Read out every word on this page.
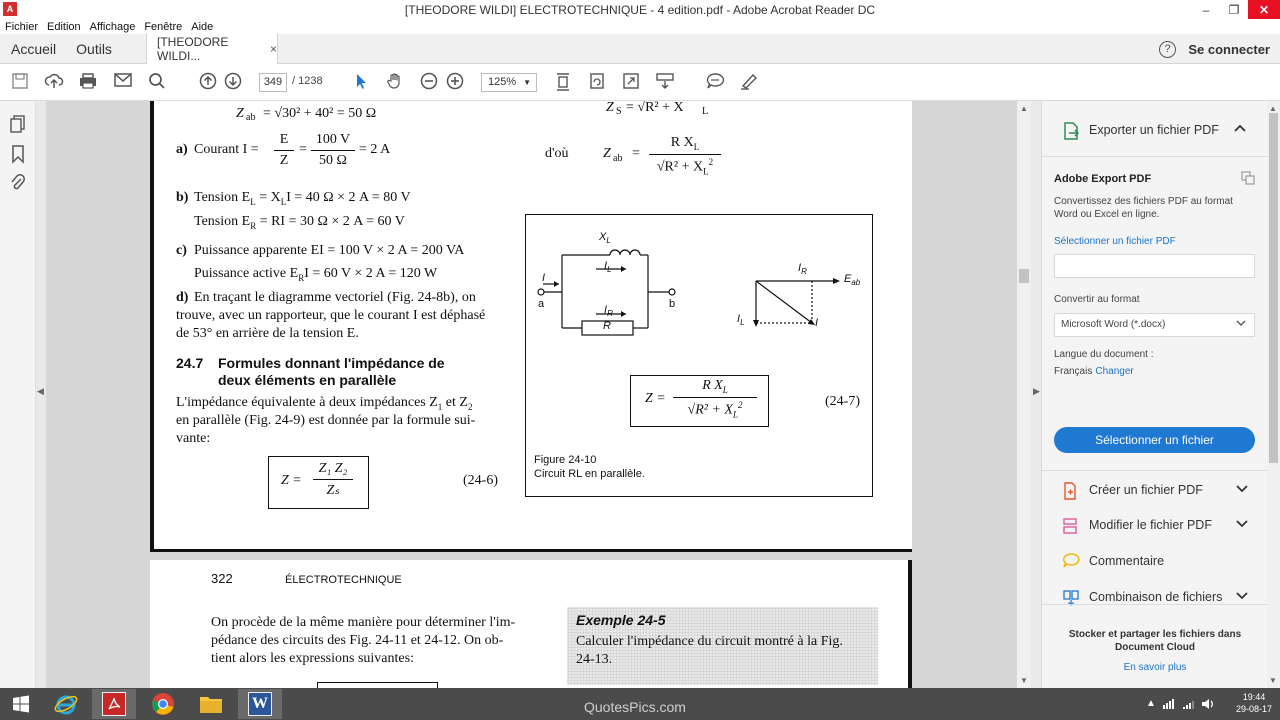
A	[THEODORE WILDI] ELECTROTECHNIQUE - 4 edition.pdf - Adobe Acrobat Reader DC	–	❐	✕
Fichier Edition Affichage Fenêtre Aide
Accueil Outils	[THEODORE WILDI...	×	?	Se connecter
349 / 1238	125% ▼
◀
Z ab = √30² + 40² = 50 Ω	Z S = √R² + X L
a) Courant I =
E
Z
=
100 V
50 Ω
= 2 A	d'où Z ab =
R $X_L$
$√R^2 + X_L^2$
b) Tension $E_L = X_LI = 40$ Ω × 2 A = 80 V
Tension $E_R$ = RI = 30 Ω × 2 A = 60 V
c) Puissance apparente EI = 100 V × 2 A = 200 VA
Puissance active $E_RI = 60$ V × 2 A = 120 W
d) En traçant le diagramme vectoriel (Fig. 24-8b), on
trouve, avec un rapporteur, que le courant I est déphasé
de 53° en arrière de la tension E.
24.7 Formules donnant l'impédance de
deux éléments en parallèle
L'impédance équivalente à deux impédances $Z_1$ et $Z_2$
en parallèle (Fig. 24-9) est donnée par la formule sui-
vante:
Z =
Z₁ Z₂
Zₛ
(24-6)
$X_L$
$I_L$
I
a	b
$I_R$
R
$I_R$
$E_{ab}$
$I_L$	I
Z =
R $X_L$
$√R^2 + X_L^2$	(24-7)
Figure 24-10
Circuit RL en parallèle.
322	ÉLECTROTECHNIQUE
On procède de la même manière pour déterminer l'im-
pédance des circuits des Fig. 24-11 et 24-12. On ob-
tient alors les expressions suivantes:
Exemple 24-5
Calculer l'impédance du circuit montré à la Fig.
24-13.
▲
▼
▶
Exporter un fichier PDF
Adobe Export PDF
Convertissez des fichiers PDF au format Word ou Excel en ligne.
Sélectionner un fichier PDF
Convertir au format
Microsoft Word (*.docx)
Langue du document :
Français Changer
Sélectionner un fichier
Créer un fichier PDF
Modifier le fichier PDF
Commentaire
Combinaison de fichiers
Stocker et partager les fichiers dans Document Cloud
En savoir plus
▲
▼
W	QuotesPics.com	▲
19:44
29-08-17
